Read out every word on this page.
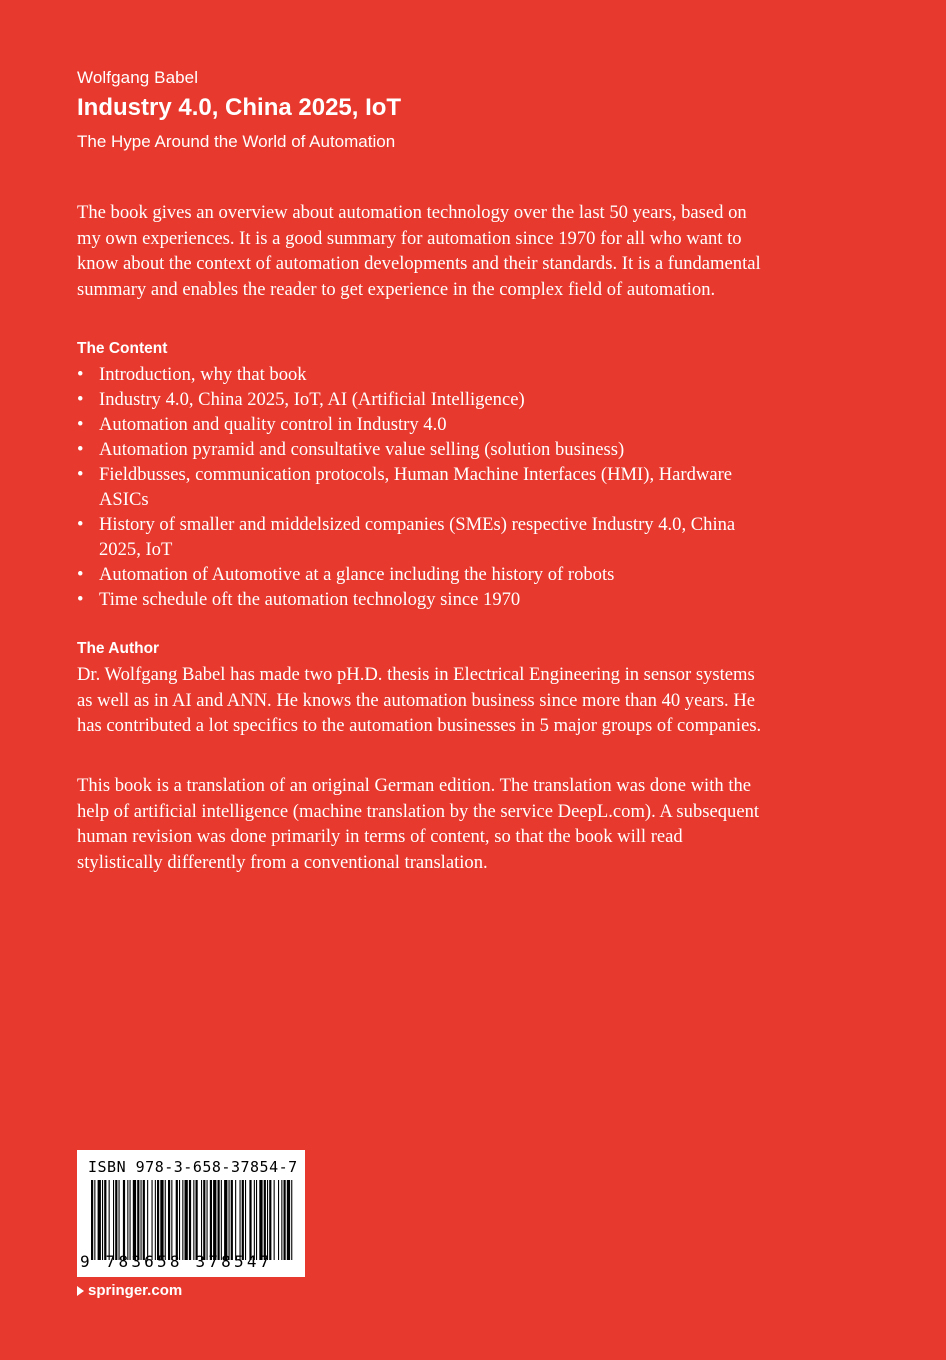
Wolfgang Babel
Industry 4.0, China 2025, IoT
The Hype Around the World of Automation

The book gives an overview about automation technology over the last 50 years, based on my own experiences. It is a good summary for automation since 1970 for all who want to know about the context of automation developments and their standards. It is a fundamental summary and enables the reader to get experience in the complex field of automation.

The Content
• Introduction, why that book
• Industry 4.0, China 2025, IoT, AI (Artificial Intelligence)
• Automation and quality control in Industry 4.0
• Automation pyramid and consultative value selling (solution business)
• Fieldbusses, communication protocols, Human Machine Interfaces (HMI), Hardware ASICs
• History of smaller and middelsized companies (SMEs) respective Industry 4.0, China 2025, IoT
• Automation of Automotive at a glance including the history of robots
• Time schedule oft the automation technology since 1970
The Author

Dr. Wolfgang Babel has made two pH.D. thesis in Electrical Engineering in sensor systems as well as in AI and ANN. He knows the automation business since more than 40 years. He has contributed a lot specifics to the automation businesses in 5 major groups of companies.

This book is a translation of an original German edition. The translation was done with the help of artificial intelligence (machine translation by the service DeepL.com). A subsequent human revision was done primarily in terms of content, so that the book will read stylistically differently from a conventional translation.

ISBN 978-3-658-37854-7
9 783658 378547
springer.com
